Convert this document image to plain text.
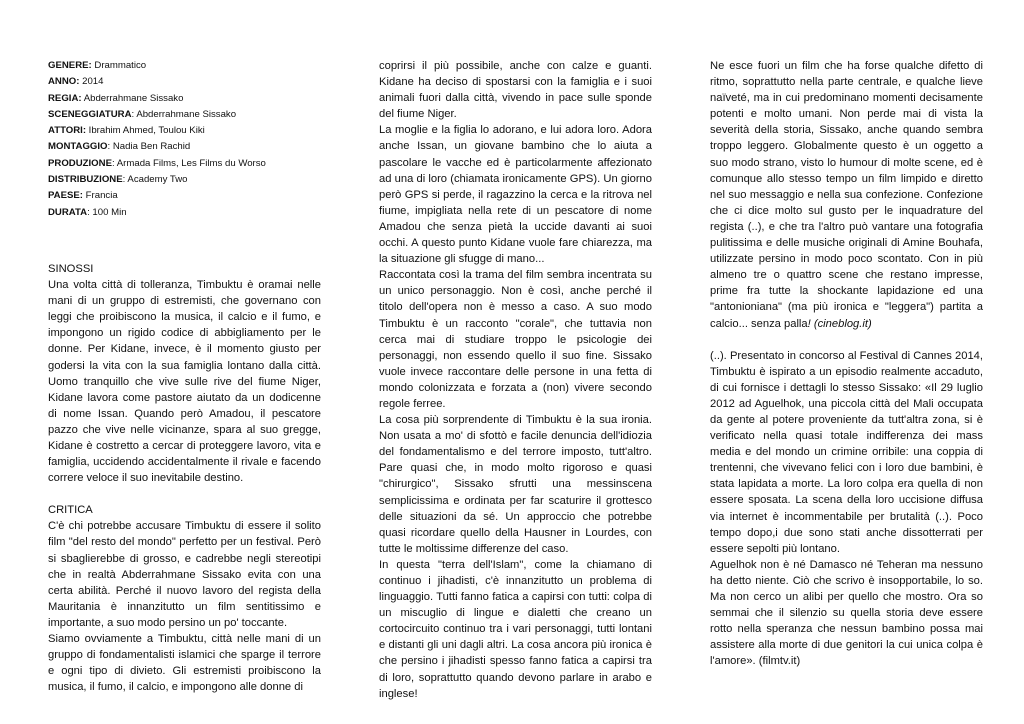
GENERE: Drammatico

ANNO: 2014

REGIA: Abderrahmane Sissako

SCENEGGIATURA: Abderrahmane Sissako

ATTORI: Ibrahim Ahmed, Toulou Kiki

MONTAGGIO: Nadia Ben Rachid

PRODUZIONE: Armada Films, Les Films du Worso

DISTRIBUZIONE: Academy Two

PAESE: Francia

DURATA: 100 Min

SINOSSI

Una volta città di tolleranza, Timbuktu è oramai nelle mani di un gruppo di estremisti, che governano con leggi che proibiscono la musica, il calcio e il fumo, e impongono un rigido codice di abbigliamento per le donne. Per Kidane, invece, è il momento giusto per godersi la vita con la sua famiglia lontano dalla città. Uomo tranquillo che vive sulle rive del fiume Niger, Kidane lavora come pastore aiutato da un dodicenne di nome Issan. Quando però Amadou, il pescatore pazzo che vive nelle vicinanze, spara al suo gregge, Kidane è costretto a cercar di proteggere lavoro, vita e famiglia, uccidendo accidentalmente il rivale e facendo correre veloce il suo inevitabile destino.

CRITICA

C'è chi potrebbe accusare Timbuktu di essere il solito film "del resto del mondo" perfetto per un festival. Però si sbaglierebbe di grosso, e cadrebbe negli stereotipi che in realtà Abderrahmane Sissako evita con una certa abilità. Perché il nuovo lavoro del regista della Mauritania è innanzitutto un film sentitissimo e importante, a suo modo persino un po' toccante.

Siamo ovviamente a Timbuktu, città nelle mani di un gruppo di fondamentalisti islamici che sparge il terrore e ogni tipo di divieto. Gli estremisti proibiscono la musica, il fumo, il calcio, e impongono alle donne di

coprirsi il più possibile, anche con calze e guanti. Kidane ha deciso di spostarsi con la famiglia e i suoi animali fuori dalla città, vivendo in pace sulle sponde del fiume Niger.

La moglie e la figlia lo adorano, e lui adora loro. Adora anche Issan, un giovane bambino che lo aiuta a pascolare le vacche ed è particolarmente affezionato ad una di loro (chiamata ironicamente GPS). Un giorno però GPS si perde, il ragazzino la cerca e la ritrova nel fiume, impigliata nella rete di un pescatore di nome Amadou che senza pietà la uccide davanti ai suoi occhi. A questo punto Kidane vuole fare chiarezza, ma la situazione gli sfugge di mano...

Raccontata così la trama del film sembra incentrata su un unico personaggio. Non è così, anche perché il titolo dell'opera non è messo a caso. A suo modo Timbuktu è un racconto "corale", che tuttavia non cerca mai di studiare troppo le psicologie dei personaggi, non essendo quello il suo fine. Sissako vuole invece raccontare delle persone in una fetta di mondo colonizzata e forzata a (non) vivere secondo regole ferree.

La cosa più sorprendente di Timbuktu è la sua ironia. Non usata a mo' di sfottò e facile denuncia dell'idiozia del fondamentalismo e del terrore imposto, tutt'altro. Pare quasi che, in modo molto rigoroso e quasi "chirurgico", Sissako sfrutti una messinscena semplicissima e ordinata per far scaturire il grottesco delle situazioni da sé. Un approccio che potrebbe quasi ricordare quello della Hausner in Lourdes, con tutte le moltissime differenze del caso.

In questa "terra dell'Islam", come la chiamano di continuo i jihadisti, c'è innanzitutto un problema di linguaggio. Tutti fanno fatica a capirsi con tutti: colpa di un miscuglio di lingue e dialetti che creano un cortocircuito continuo tra i vari personaggi, tutti lontani e distanti gli uni dagli altri. La cosa ancora più ironica è che persino i jihadisti spesso fanno fatica a capirsi tra di loro, soprattutto quando devono parlare in arabo e inglese!

Ne esce fuori un film che ha forse qualche difetto di ritmo, soprattutto nella parte centrale, e qualche lieve naïveté, ma in cui predominano momenti decisamente potenti e molto umani. Non perde mai di vista la severità della storia, Sissako, anche quando sembra troppo leggero. Globalmente questo è un oggetto a suo modo strano, visto lo humour di molte scene, ed è comunque allo stesso tempo un film limpido e diretto nel suo messaggio e nella sua confezione. Confezione che ci dice molto sul gusto per le inquadrature del regista (..), e che tra l'altro può vantare una fotografia pulitissima e delle musiche originali di Amine Bouhafa, utilizzate persino in modo poco scontato. Con in più almeno tre o quattro scene che restano impresse, prime fra tutte la shockante lapidazione ed una "antonioniana" (ma più ironica e "leggera") partita a calcio... senza palla! (cineblog.it)

(..). Presentato in concorso al Festival di Cannes 2014, Timbuktu è ispirato a un episodio realmente accaduto, di cui fornisce i dettagli lo stesso Sissako: «Il 29 luglio 2012 ad Aguelhok, una piccola città del Mali occupata da gente al potere proveniente da tutt'altra zona, si è verificato nella quasi totale indifferenza dei mass media e del mondo un crimine orribile: una coppia di trentenni, che vivevano felici con i loro due bambini, è stata lapidata a morte. La loro colpa era quella di non essere sposata. La scena della loro uccisione diffusa via internet è incommentabile per brutalità (..). Poco tempo dopo,i due sono stati anche dissotterrati per essere sepolti più lontano.

Aguelhok non è né Damasco né Teheran ma nessuno ha detto niente. Ciò che scrivo è insopportabile, lo so. Ma non cerco un alibi per quello che mostro. Ora so semmai che il silenzio su quella storia deve essere rotto nella speranza che nessun bambino possa mai assistere alla morte di due genitori la cui unica colpa è l'amore». (filmtv.it)
